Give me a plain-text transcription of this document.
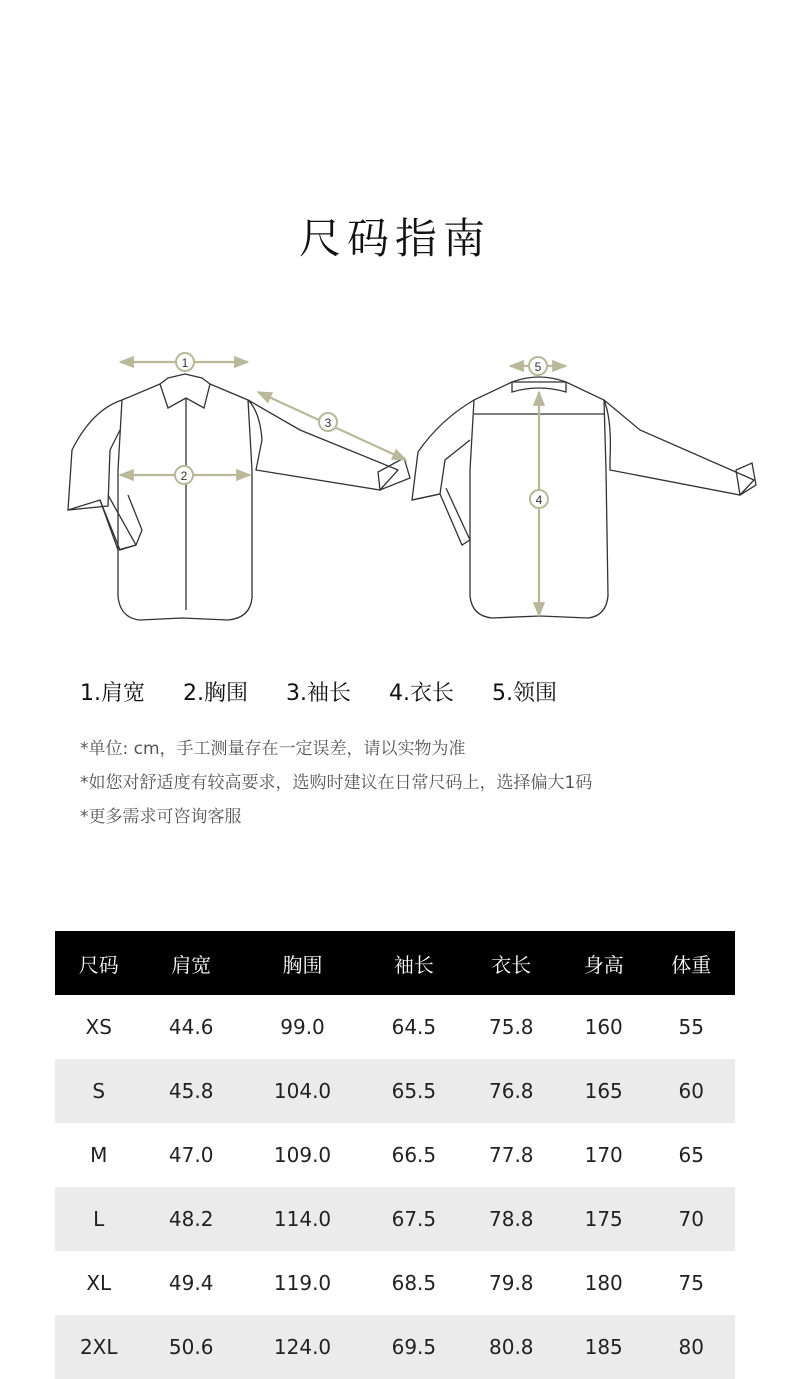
尺码指南
1
2
3
4
5
1.肩宽 2.胸围 3.袖长 4.衣长 5.领围
*单位: cm，手工测量存在一定误差，请以实物为准
*如您对舒适度有较高要求，选购时建议在日常尺码上，选择偏大1码
*更多需求可咨询客服
尺码	肩宽	胸围	袖长	衣长	身高	体重
XS	44.6	99.0	64.5	75.8	160	55
S	45.8	104.0	65.5	76.8	165	60
M	47.0	109.0	66.5	77.8	170	65
L	48.2	114.0	67.5	78.8	175	70
XL	49.4	119.0	68.5	79.8	180	75
2XL	50.6	124.0	69.5	80.8	185	80
